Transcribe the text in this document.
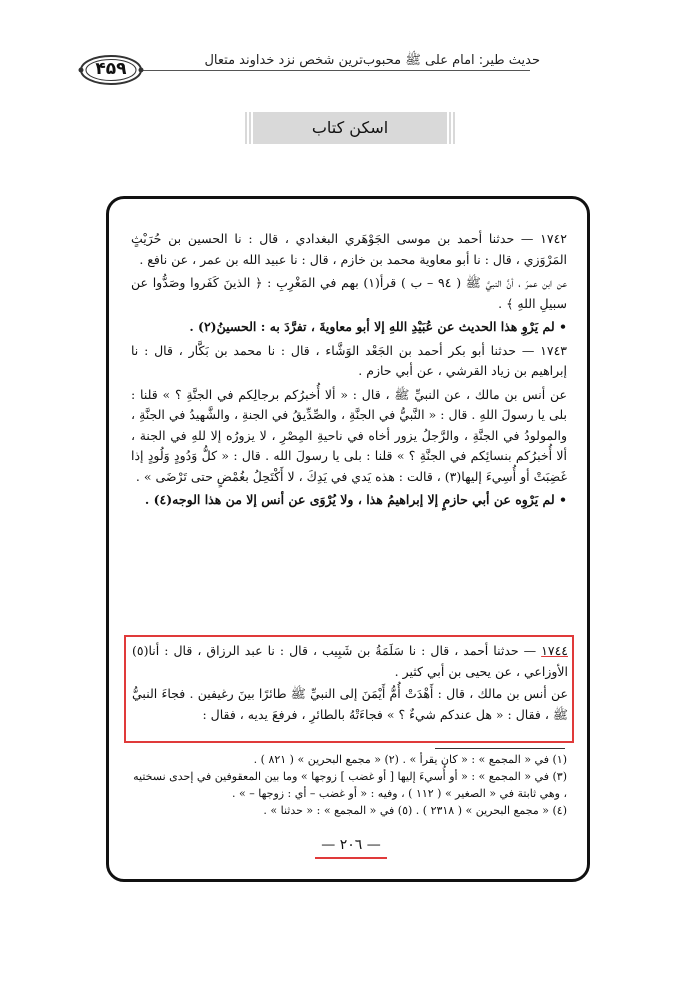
حدیث طیر: امام علی ﷺ محبوب‌ترین شخص نزد خداوند متعال
۴۵۹
اسکن کتاب

١٧٤٢ — حدثنا أحمد بن موسى الجَوْهَري البغدادي ، قال : نا الحسين بن حُرَيْثٍ المَرْوَزي ، قال : نا أبو معاوية محمد بن خازم ، قال : نا عبيد الله بن عمر ، عن نافع .

عن ابن عمرَ ، أنَّ النبيَّ ﷺ ( ٩٤ – ب ) قرأ(١) بهم في المَغْرِبِ : ﴿ الذينَ كَفَروا وصَدُّوا عن سبيلِ اللهِ ﴾ .

• لم يَرْوِ هذا الحديث عن عُبَيْدِ اللهِ إلا أبو معاويةَ ، تفرَّدَ به : الحسينُ(٢) .

١٧٤٣ — حدثنا أبو بكر أحمد بن الجَعْد الوَشَّاء ، قال : نا محمد بن بَكَّار ، قال : نا إبراهيم بن زياد القرشي ، عن أبي حازم .

عن أنس بن مالك ، عن النبيِّ ﷺ ، قال : « ألا أُخبرُكم برجالِكم في الجنَّةِ ؟ » قلنا : بلى يا رسولَ اللهِ . قال : « النَّبيُّ في الجنَّةِ ، والصِّدِّيقُ في الجنةِ ، والشَّهيدُ في الجنَّةِ ، والمولودُ في الجنَّةِ ، والرَّجلُ يزور أخاه في ناحيةِ المِصْرِ ، لا يزورُه إلا للهِ في الجنة ، ألا أُخبرُكم بنسائِكم في الجنَّةِ ؟ » قلنا : بلى يا رسولَ الله . قال : « كلُّ وَدُودٍ وَلُودٍ إذا غَضِبَتْ أو أُسِيءَ إليها(٣) ، قالت : هذه يَدي في يَدِكَ ، لا أَكْتَحِلُ بغُمْضٍ حتى تَرْضَى » .

• لم يَرْوِه عن أبي حازمٍ إلا إبراهيمُ هذا ، ولا يُرْوَى عن أنس إلا من هذا الوجه(٤) .

١٧٤٤ — حدثنا أحمد ، قال : نا سَلَمَةُ بن شَبِيب ، قال : نا عبد الرزاق ، قال : أنا(٥) الأوزاعي ، عن يحيى بن أبي كثير .

عن أنس بن مالك ، قال : أَهْدَتْ أُمُّ أَيْمَنَ إلى النبيِّ ﷺ طائرًا بينَ رغيفين . فجاءَ النبيُّ ﷺ ، فقال : « هل عندكم شيءٌ ؟ » فجاءَتْهُ بالطائرِ ، فرفعَ يديه ، فقال :

(١) في « المجمع » : « كان يقرأ » . (٢) « مجمع البحرين » ( ٨٢١ ) .

(٣) في « المجمع » : « أو أُسيءَ إليها [ أو غضب ] زوجها » وما بين المعقوفين في إحدى نسختيه ، وهي ثابتة في « الصغير » ( ١١٢ ) ، وفيه : « أو غضب – أي : زوجها – » .

(٤) « مجمع البحرين » ( ٢٣١٨ ) . (٥) في « المجمع » : « حدثنا » .

— ٢٠٦ —
